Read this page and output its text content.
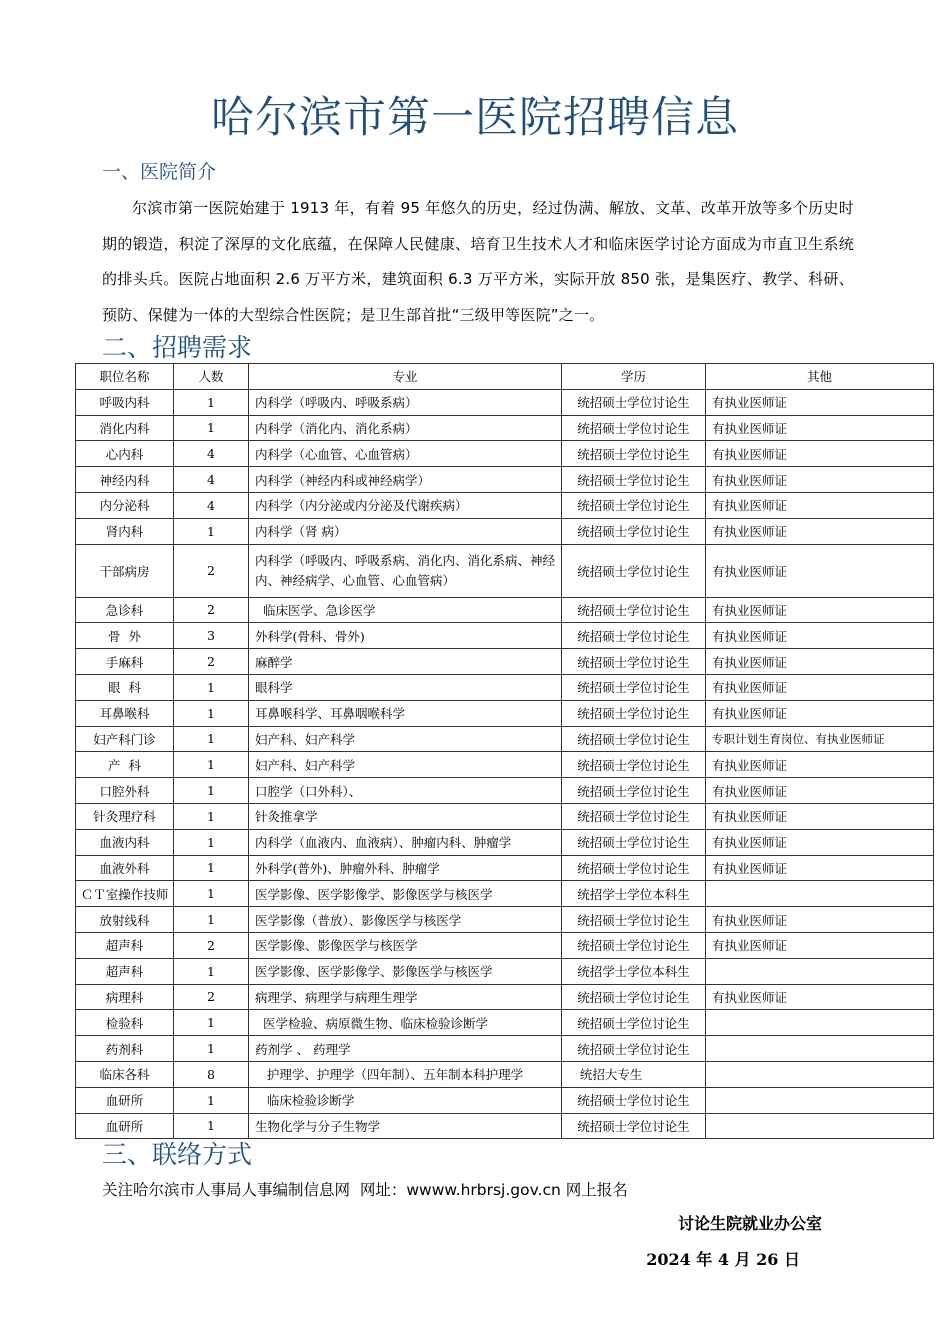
哈尔滨市第一医院招聘信息
一、医院简介
尔滨市第一医院始建于 1913 年，有着 95 年悠久的历史，经过伪满、解放、文革、改革开放等多个历史时期的锻造，积淀了深厚的文化底蕴，在保障人民健康、培育卫生技术人才和临床医学讨论方面成为市直卫生系统的排头兵。医院占地面积 2.6 万平方米，建筑面积 6.3 万平方米，实际开放 850 张，是集医疗、教学、科研、预防、保健为一体的大型综合性医院；是卫生部首批“三级甲等医院”之一。
二、招聘需求
职位名称	人数	专业	学历	其他
呼吸内科	1	内科学（呼吸内、呼吸系病）	统招硕士学位讨论生	有执业医师证
消化内科	1	内科学（消化内、消化系病）	统招硕士学位讨论生	有执业医师证
心内科	4	内科学（心血管、心血管病）	统招硕士学位讨论生	有执业医师证
神经内科	4	内科学（神经内科或神经病学）	统招硕士学位讨论生	有执业医师证
内分泌科	4	内科学（内分泌或内分泌及代谢疾病）	统招硕士学位讨论生	有执业医师证
肾内科	1	内科学（肾 病）	统招硕士学位讨论生	有执业医师证
干部病房	2	内科学（呼吸内、呼吸系病、消化内、消化系病、神经内、神经病学、心血管、心血管病）	统招硕士学位讨论生	有执业医师证
急诊科	2	临床医学、急诊医学	统招硕士学位讨论生	有执业医师证
骨  外	3	外科学(骨科、骨外)	统招硕士学位讨论生	有执业医师证
手麻科	2	麻醉学	统招硕士学位讨论生	有执业医师证
眼  科	1	眼科学	统招硕士学位讨论生	有执业医师证
耳鼻喉科	1	耳鼻喉科学、耳鼻咽喉科学	统招硕士学位讨论生	有执业医师证
妇产科门诊	1	妇产科、妇产科学	统招硕士学位讨论生	专职计划生育岗位、有执业医师证
产  科	1	妇产科、妇产科学	统招硕士学位讨论生	有执业医师证
口腔外科	1	口腔学（口外科）、	统招硕士学位讨论生	有执业医师证
针灸理疗科	1	针灸推拿学	统招硕士学位讨论生	有执业医师证
血液内科	1	内科学（血液内、血液病）、肿瘤内科、肿瘤学	统招硕士学位讨论生	有执业医师证
血液外科	1	外科学(普外)、肿瘤外科、肿瘤学	统招硕士学位讨论生	有执业医师证
ＣＴ室操作技师	1	医学影像、医学影像学、影像医学与核医学	统招学士学位本科生	
放射线科	1	医学影像（普放）、影像医学与核医学	统招硕士学位讨论生	有执业医师证
超声科	2	医学影像、影像医学与核医学	统招硕士学位讨论生	有执业医师证
超声科	1	医学影像、医学影像学、影像医学与核医学	统招学士学位本科生	
病理科	2	病理学、病理学与病理生理学	统招硕士学位讨论生	有执业医师证
检验科	1	医学检验、病原微生物、临床检验诊断学	统招硕士学位讨论生	
药剂科	1	药剂学 、 药理学	统招硕士学位讨论生	
临床各科	8	护理学、护理学（四年制）、五年制本科护理学	统招大专生	
血研所	1	临床检验诊断学	统招硕士学位讨论生	
血研所	1	生物化学与分子生物学	统招硕士学位讨论生	
三、联络方式
关注哈尔滨市人事局人事编制信息网  网址：wwww.hrbrsj.gov.cn 网上报名
讨论生院就业办公室
2024 年 4 月 26 日
